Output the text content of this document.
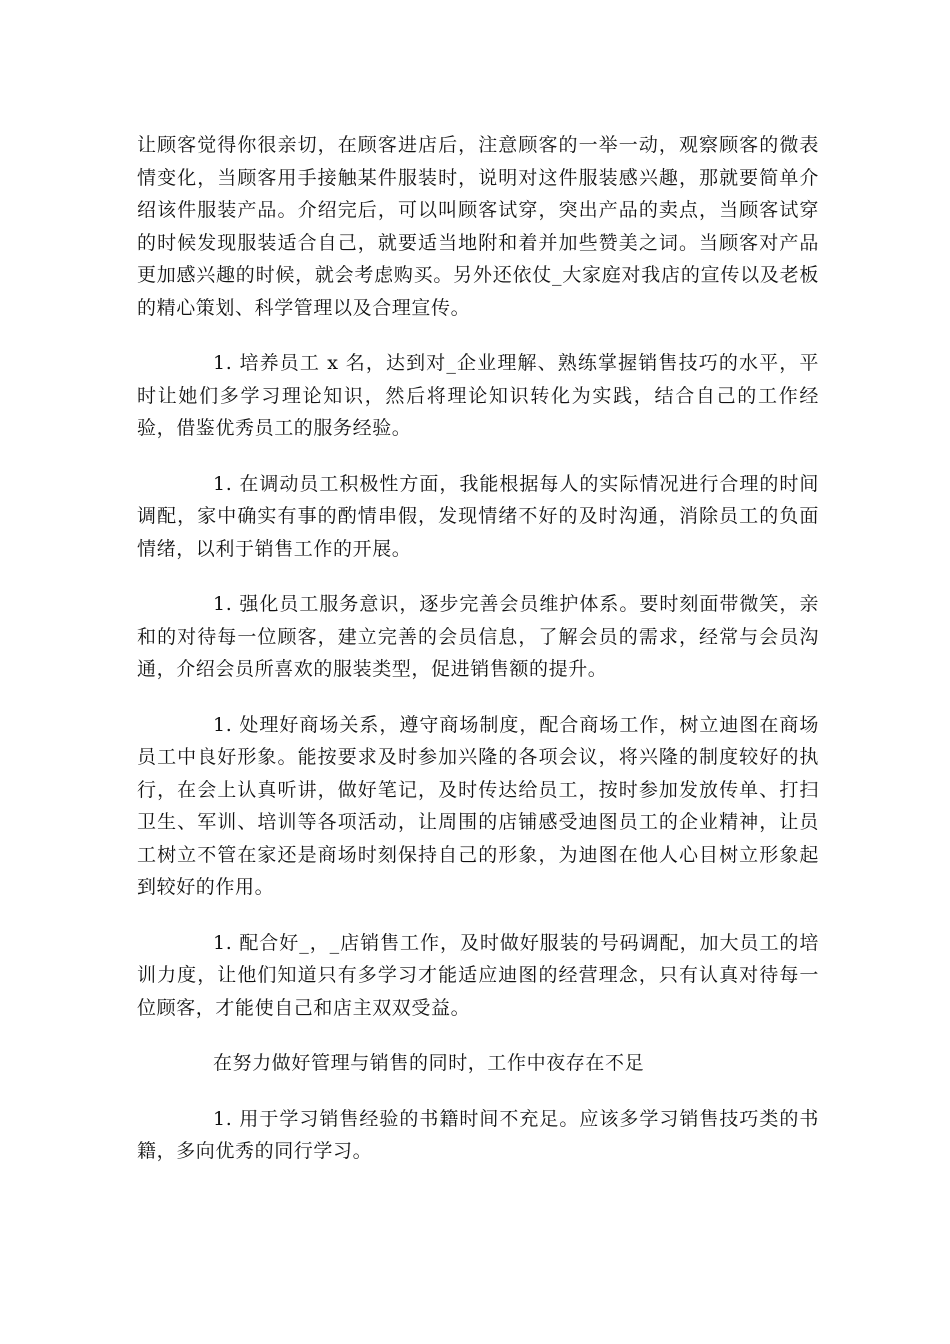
让顾客觉得你很亲切，在顾客进店后，注意顾客的一举一动，观察顾客的微表情变化，当顾客用手接触某件服装时，说明对这件服装感兴趣，那就要简单介绍该件服装产品。介绍完后，可以叫顾客试穿，突出产品的卖点，当顾客试穿的时候发现服装适合自己，就要适当地附和着并加些赞美之词。当顾客对产品更加感兴趣的时候，就会考虑购买。另外还依仗_大家庭对我店的宣传以及老板的精心策划、科学管理以及合理宣传。

1. 培养员工 x 名，达到对_企业理解、熟练掌握销售技巧的水平，平时让她们多学习理论知识，然后将理论知识转化为实践，结合自己的工作经验，借鉴优秀员工的服务经验。

1. 在调动员工积极性方面，我能根据每人的实际情况进行合理的时间调配，家中确实有事的酌情串假，发现情绪不好的及时沟通，消除员工的负面情绪，以利于销售工作的开展。

1. 强化员工服务意识，逐步完善会员维护体系。要时刻面带微笑，亲和的对待每一位顾客，建立完善的会员信息，了解会员的需求，经常与会员沟通，介绍会员所喜欢的服装类型，促进销售额的提升。

1. 处理好商场关系，遵守商场制度，配合商场工作，树立迪图在商场员工中良好形象。能按要求及时参加兴隆的各项会议，将兴隆的制度较好的执行，在会上认真听讲，做好笔记，及时传达给员工，按时参加发放传单、打扫卫生、军训、培训等各项活动，让周围的店铺感受迪图员工的企业精神，让员工树立不管在家还是商场时刻保持自己的形象，为迪图在他人心目树立形象起到较好的作用。

1. 配合好_，_店销售工作，及时做好服装的号码调配，加大员工的培训力度，让他们知道只有多学习才能适应迪图的经营理念，只有认真对待每一位顾客，才能使自己和店主双双受益。

在努力做好管理与销售的同时，工作中夜存在不足

1. 用于学习销售经验的书籍时间不充足。应该多学习销售技巧类的书籍，多向优秀的同行学习。
